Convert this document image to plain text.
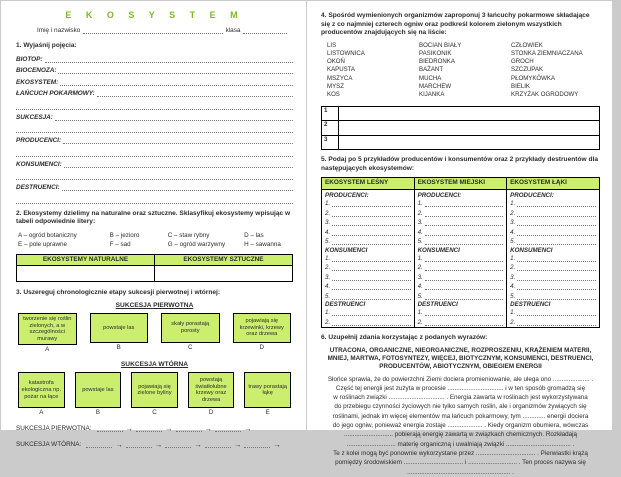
E K O S Y S T E M
Imię i nazwisko	klasa
1. Wyjaśnij pojęcia:
BIOTOP:
BIOCENOZA:
EKOSYSTEM:
ŁAŃCUCH POKARMOWY:
SUKCESJA:
PRODUCENCI:
KONSUMENCI:
DESTRUENCI:
2. Ekosystemy dzielimy na naturalne oraz sztuczne. Sklasyfikuj ekosystemy wpisując w tabeli odpowiednie litery:
A – ogród botaniczny	B – jezioro	C – staw rybny	D – las
E – pole uprawne	F – sad	G – ogród warzywny	H – sawanna
EKOSYSTEMY NATURALNE	EKOSYSTEMY SZTUCZNE

3. Uszereguj chronologicznie etapy sukcesji pierwotnej i wtórnej:
SUKCESJA PIERWOTNA
tworzenie się roślin zielonych, a w szczególności murawy
A
powstaje las
B
skały porastają porosty
C
pojawiają się krzewinki, krzewy oraz drzewa
D
SUKCESJA WTÓRNA
katastrofa ekologiczna np. pożar na łące
A
powstaje las
B
pojawiają się zielone byliny
C
powstają światłolubne krzewy oraz drzewa
D
trawy porastają łąkę
E
SUKCESJA PIERWOTNA:	→	→	→	→
SUKCESJA WTÓRNA:	→	→	→	→	→
4. Spośród wymienionych organizmów zaproponuj 3 łańcuchy pokarmowe składające się z co najmniej czterech ogniw oraz podkreśl kolorem zielonym wszystkich producentów znajdujących się na liście:
LIS
LISTOWNICA
OKOŃ
KAPUSTA
MSZYCA
MYSZ
KOS
BOCIAN BIAŁY
PASIKONIK
BIEDRONKA
BAŻANT
MUCHA
MARCHEW
KIJANKA
CZŁOWIEK
STONKA ZIEMNIACZANA
GROCH
SZCZUPAK
PŁOMYKÓWKA
BIELIK
KRZYŻAK OGRODOWY
1	
2	
3	
5. Podaj po 5 przykładów producentów i konsumentów oraz 2 przykłady destruentów dla następujących ekosystemów:
EKOSYSTEM LEŚNY	EKOSYSTEM MIEJSKI	EKOSYSTEM ŁĄKI

PRODUCENCI:
1.
2.
3.
4.
5.
KONSUMENCI
1.
2.
3.
4.
5.
DESTRUENCI
1.
2.

PRODUCENCI:
1.
2.
3.
4.
5.
KONSUMENCI
1.
2.
3.
4.
5.
DESTRUENCI
1.
2.

PRODUCENCI:
1.
2.
3.
4.
5.
KONSUMENCI
1.
2.
3.
4.
5.
DESTRUENCI
1.
2.
6. Uzupełnij zdania korzystając z podanych wyrazów:
UTRACONA, ORGANICZNE, NIEORGANICZNE, ROZPROSZENIU, KRĄŻENIEM MATERII, MNIEJ, MARTWA, FOTOSYNTEZY, WIĘCEJ, BIOTYCZNYM, KONSUMENCI, DESTRUENCI, PRODUCENTÓW, ABIOTYCZNYM, OBIEGIEM ENERGII
Słońce sprawia, że do powierzchni Ziemi dociera promieniowanie, ale ulega ono ..................... .
Część tej energii jest zużyta w procesie ................................ i w ten sposób gromadzą się
w roślinach związki ................................ . Energia zawarta w roślinach jest wykorzystywana
do przebiegu czynności życiowych nie tylko samych roślin, ale i organizmów żywiących się
roślinami, jednak im więcej elementów ma łańcuch pokarmowy, tym ............. energii dociera
do jego ogniw, ponieważ energia zostaje .................... . Kiedy organizm obumiera, wówczas
............................ pobierają energię zawartą w związkach chemicznych. Rozkładają
............................ materię organiczną i uwalniają związki ..................................... .
Te z kolei mogą być ponownie wykorzystane przez .................................. . Pierwiastki krążą
pomiędzy środowiskiem .................................. i ............................ . Ten proces nazywa się
........................................................... .
